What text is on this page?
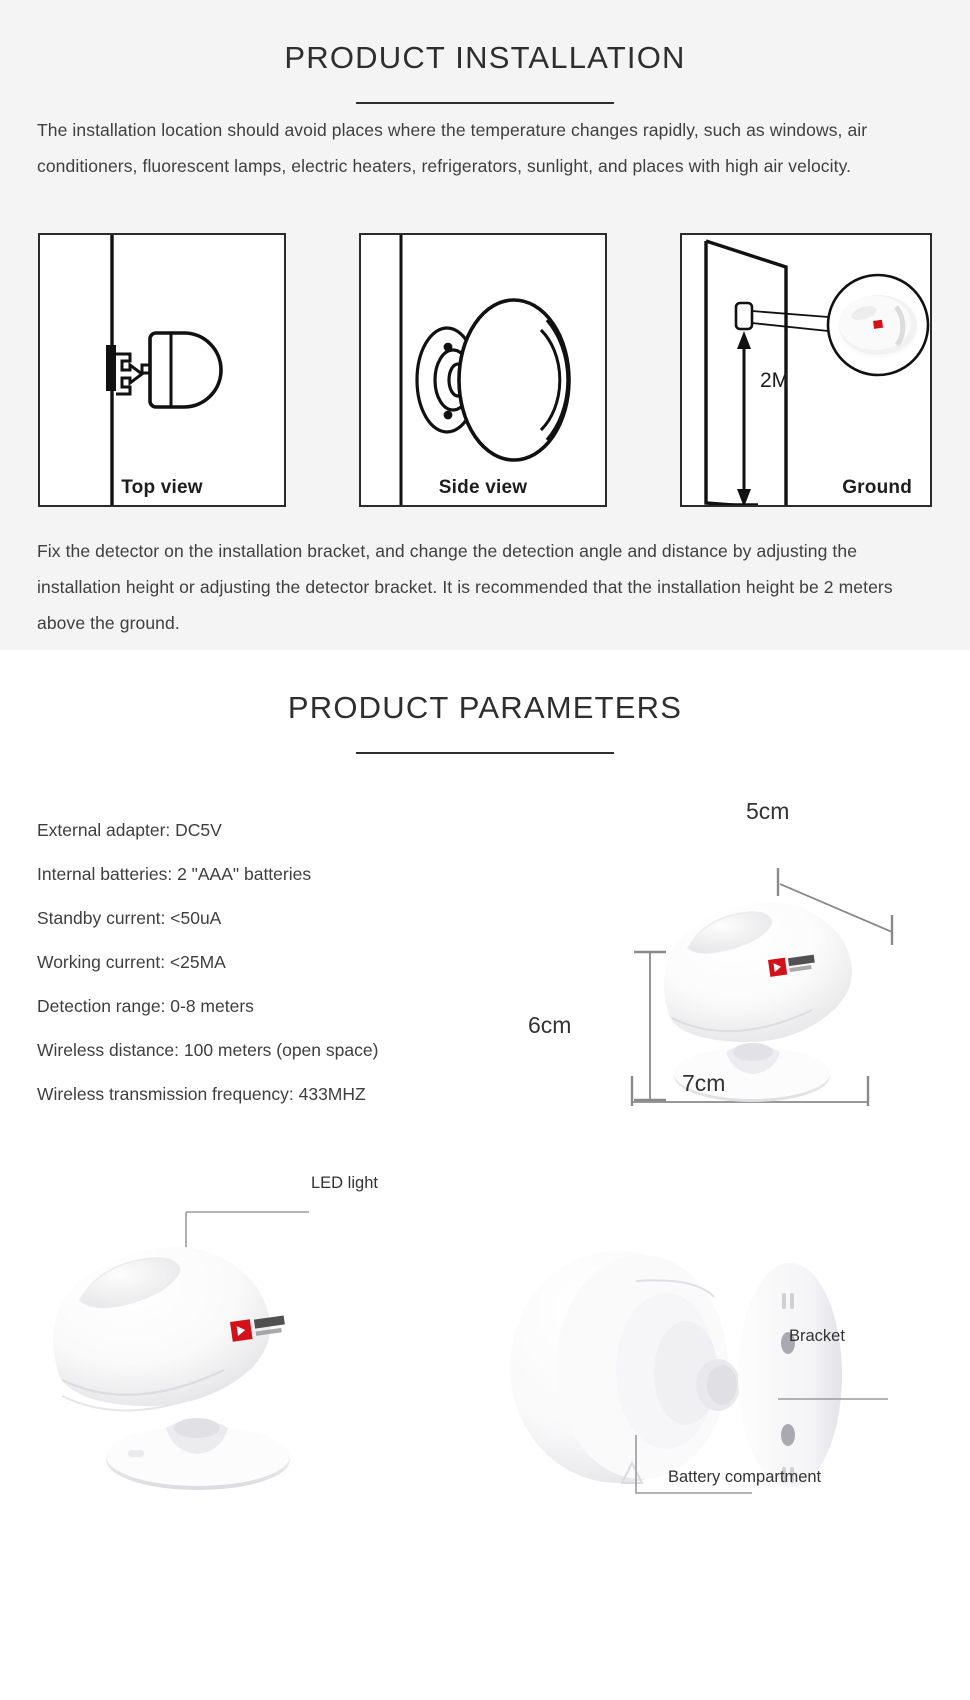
PRODUCT INSTALLATION

The installation location should avoid places where the temperature changes rapidly, such as windows, air conditioners, fluorescent lamps, electric heaters, refrigerators, sunlight, and places with high air velocity.

Top view	Side view
2M
Ground

Fix the detector on the installation bracket, and change the detection angle and distance by adjusting the installation height or adjusting the detector bracket. It is recommended that the installation height be 2 meters above the ground.

PRODUCT PARAMETERS
External adapter: DC5V
Internal batteries: 2 "AAA" batteries
Standby current: <50uA
Working current: <25MA
Detection range: 0-8 meters
Wireless distance: 100 meters (open space)
Wireless transmission frequency: 433MHZ
5cm
6cm
7cm
LED light
Bracket
Battery compartment
